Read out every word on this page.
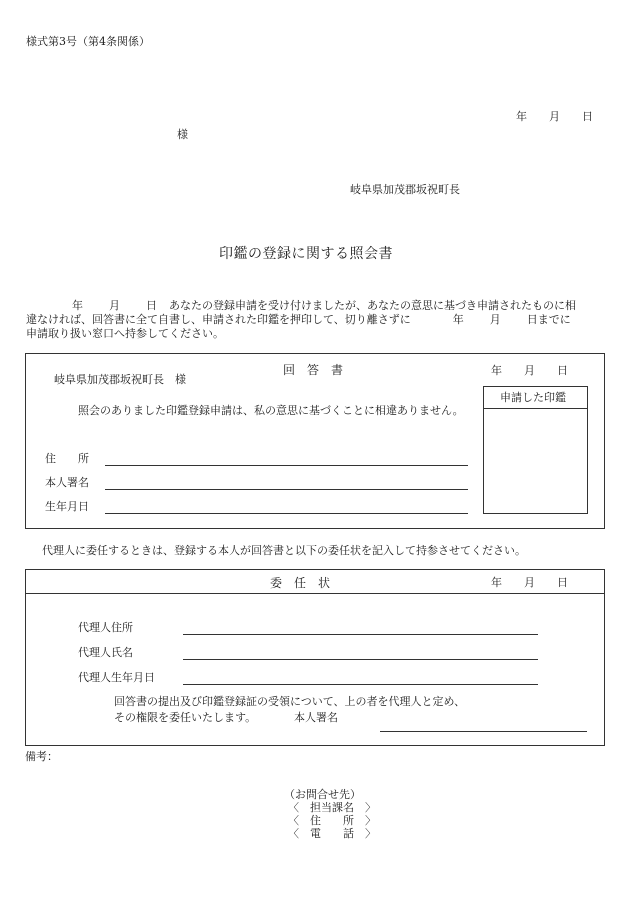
様式第3号（第4条関係）
年　　月　　日
様
岐阜県加茂郡坂祝町長
印鑑の登録に関する照会書
年 月 日 あなたの登録申請を受け付けましたが、あなたの意思に基づき申請されたものに相
違なければ、回答書に全て自書し、申請された印鑑を押印して、切り離さずに	年 月 日までに
申請取り扱い窓口へ持参してください。
回　答　書	年　　月　　日
岐阜県加茂郡坂祝町長　様
照会のありました印鑑登録申請は、私の意思に基づくことに相違ありません。
申請した印鑑
住　　所
本人署名
生年月日
代理人に委任するときは、登録する本人が回答書と以下の委任状を記入して持参させてください。
委　任　状	年　　月　　日
代理人住所
代理人氏名
代理人生年月日
回答書の提出及び印鑑登録証の受領について、上の者を代理人と定め、
その権限を委任いたします。	本人署名
備考：
（お問合せ先）
〈　担当課名　〉
〈　住　　所　〉
〈　電　　話　〉
